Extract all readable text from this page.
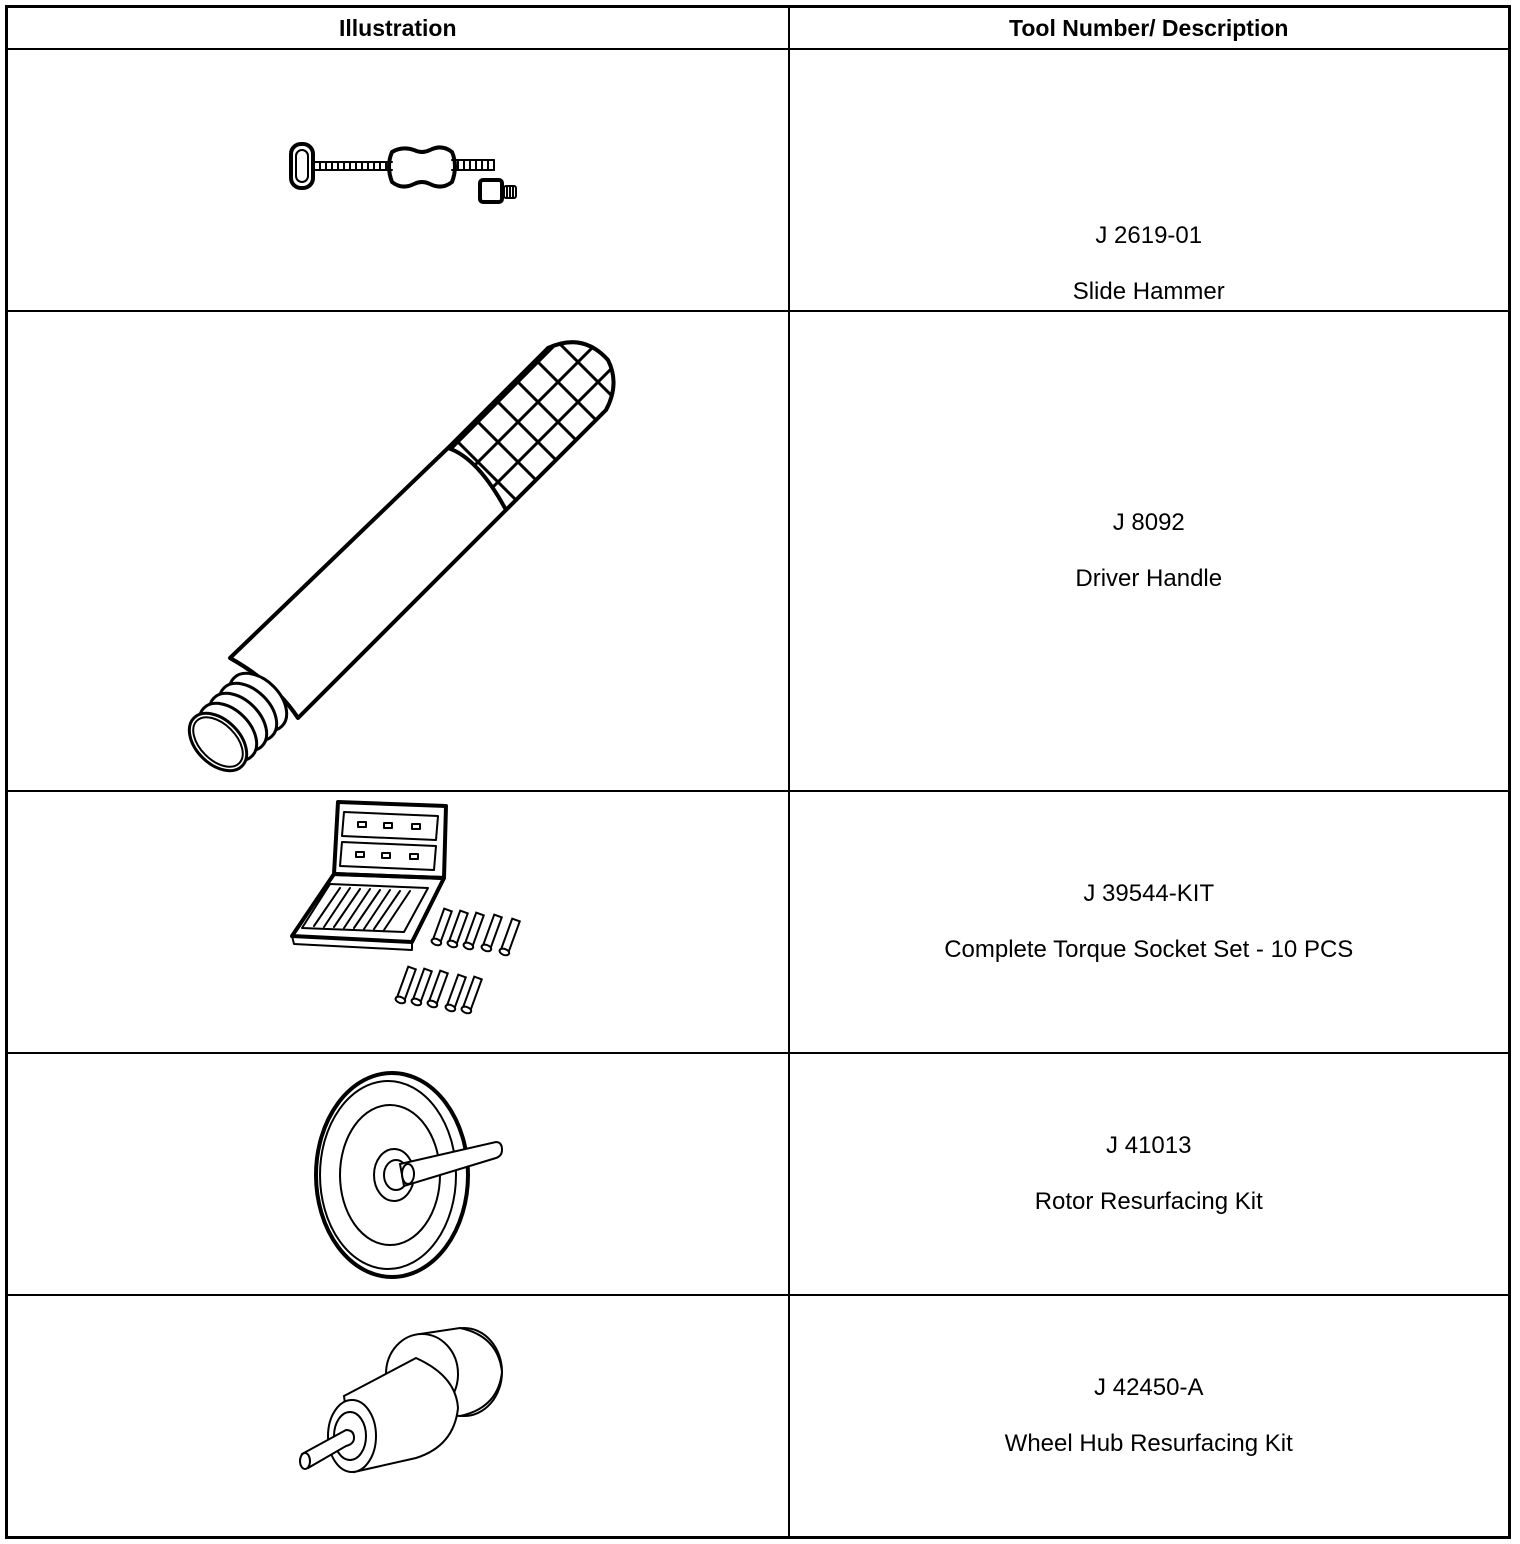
Illustration	Tool Number/ Description

J 2619-01
Slide Hammer

J 8092
Driver Handle

J 39544-KIT
Complete Torque Socket Set - 10 PCS

J 41013
Rotor Resurfacing Kit

J 42450-A
Wheel Hub Resurfacing Kit
